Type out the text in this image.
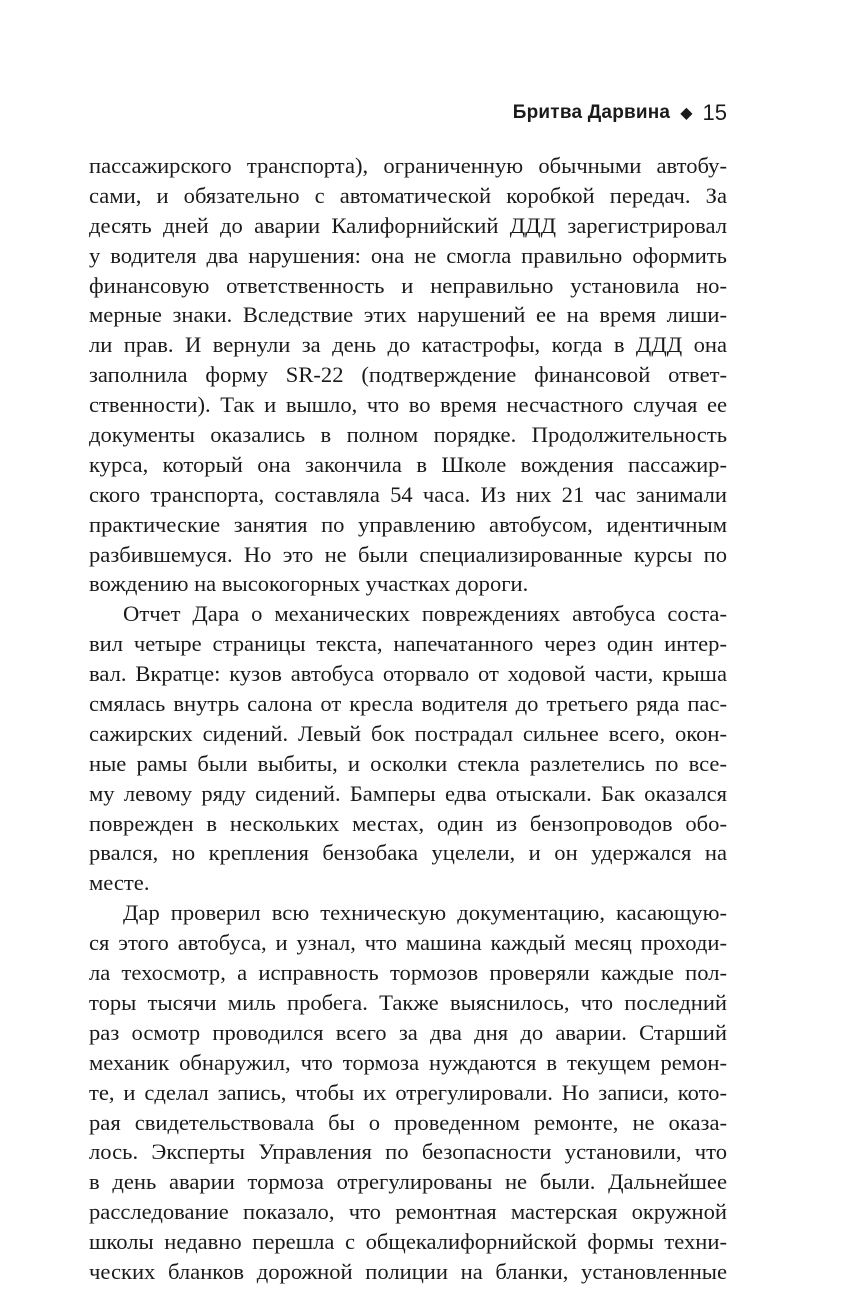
Бритва Дарвина ◆ 15
пассажирского транспорта), ограниченную обычными автобу-
сами, и обязательно с автоматической коробкой передач. За
десять дней до аварии Калифорнийский ДДД зарегистрировал
у водителя два нарушения: она не смогла правильно оформить
финансовую ответственность и неправильно установила но-
мерные знаки. Вследствие этих нарушений ее на время лиши-
ли прав. И вернули за день до катастрофы, когда в ДДД она
заполнила форму SR-22 (подтверждение финансовой ответ-
ственности). Так и вышло, что во время несчастного случая ее
документы оказались в полном порядке. Продолжительность
курса, который она закончила в Школе вождения пассажир-
ского транспорта, составляла 54 часа. Из них 21 час занимали
практические занятия по управлению автобусом, идентичным
разбившемуся. Но это не были специализированные курсы по
вождению на высокогорных участках дороги.
Отчет Дара о механических повреждениях автобуса соста-
вил четыре страницы текста, напечатанного через один интер-
вал. Вкратце: кузов автобуса оторвало от ходовой части, крыша
смялась внутрь салона от кресла водителя до третьего ряда пас-
сажирских сидений. Левый бок пострадал сильнее всего, окон-
ные рамы были выбиты, и осколки стекла разлетелись по все-
му левому ряду сидений. Бамперы едва отыскали. Бак оказался
поврежден в нескольких местах, один из бензопроводов обо-
рвался, но крепления бензобака уцелели, и он удержался на
месте.
Дар проверил всю техническую документацию, касающую-
ся этого автобуса, и узнал, что машина каждый месяц проходи-
ла техосмотр, а исправность тормозов проверяли каждые пол-
торы тысячи миль пробега. Также выяснилось, что последний
раз осмотр проводился всего за два дня до аварии. Старший
механик обнаружил, что тормоза нуждаются в текущем ремон-
те, и сделал запись, чтобы их отрегулировали. Но записи, кото-
рая свидетельствовала бы о проведенном ремонте, не оказа-
лось. Эксперты Управления по безопасности установили, что
в день аварии тормоза отрегулированы не были. Дальнейшее
расследование показало, что ремонтная мастерская окружной
школы недавно перешла с общекалифорнийской формы техни-
ческих бланков дорожной полиции на бланки, установленные
